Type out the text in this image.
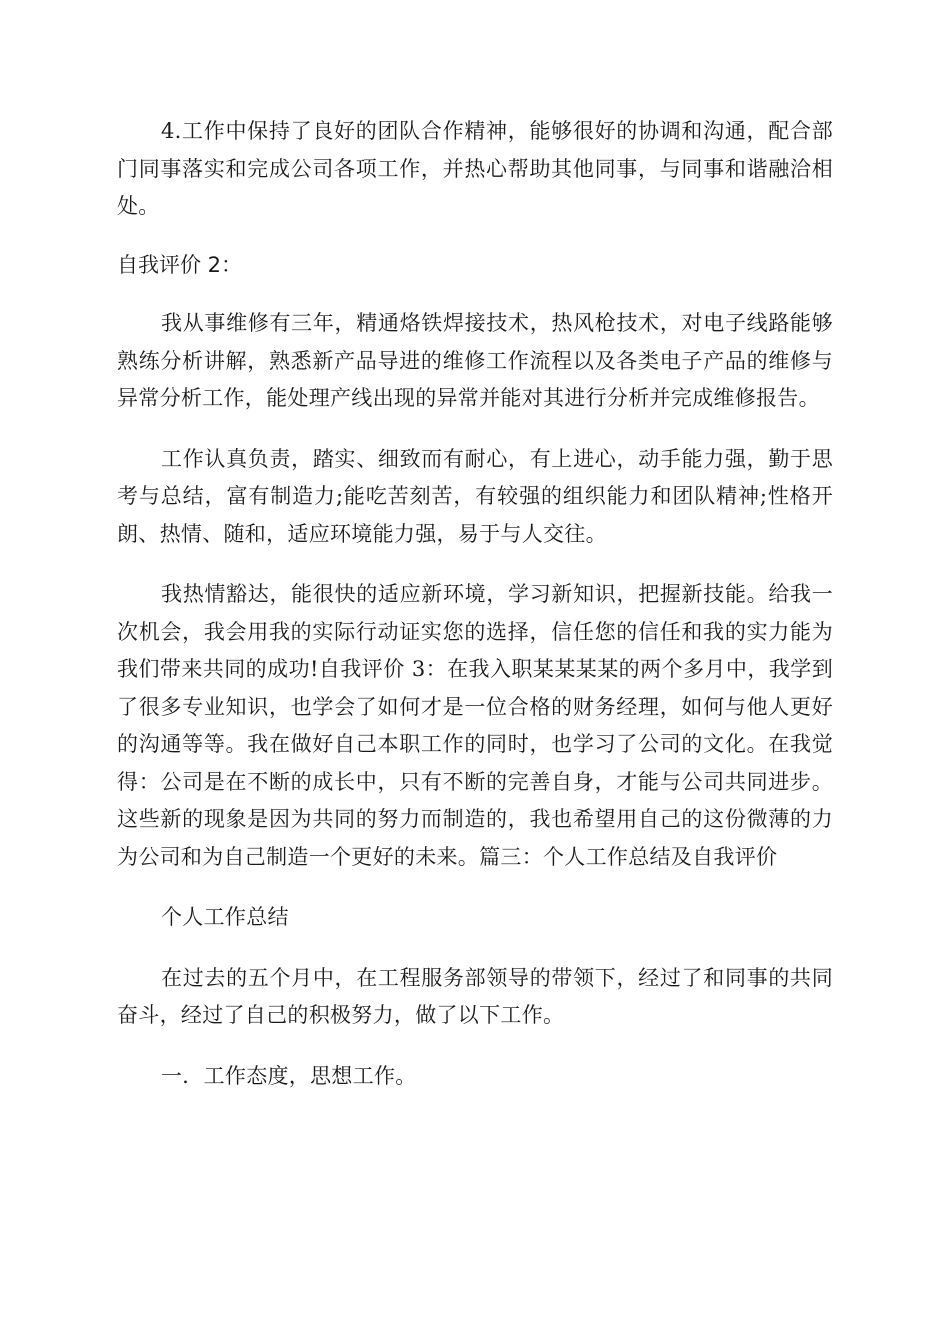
4.工作中保持了良好的团队合作精神，能够很好的协调和沟通，配合部门同事落实和完成公司各项工作，并热心帮助其他同事，与同事和谐融洽相处。

自我评价 2：

我从事维修有三年，精通烙铁焊接技术，热风枪技术，对电子线路能够熟练分析讲解，熟悉新产品导进的维修工作流程以及各类电子产品的维修与异常分析工作，能处理产线出现的异常并能对其进行分析并完成维修报告。

工作认真负责，踏实、细致而有耐心，有上进心，动手能力强，勤于思考与总结，富有制造力;能吃苦刻苦，有较强的组织能力和团队精神;性格开朗、热情、随和，适应环境能力强，易于与人交往。

我热情豁达，能很快的适应新环境，学习新知识，把握新技能。给我一次机会，我会用我的实际行动证实您的选择，信任您的信任和我的实力能为我们带来共同的成功!自我评价 3：在我入职某某某某的两个多月中，我学到了很多专业知识，也学会了如何才是一位合格的财务经理，如何与他人更好的沟通等等。我在做好自己本职工作的同时，也学习了公司的文化。在我觉得：公司是在不断的成长中，只有不断的完善自身，才能与公司共同进步。这些新的现象是因为共同的努力而制造的，我也希望用自己的这份微薄的力为公司和为自己制造一个更好的未来。篇三：个人工作总结及自我评价

个人工作总结

在过去的五个月中，在工程服务部领导的带领下，经过了和同事的共同奋斗，经过了自己的积极努力，做了以下工作。

一．工作态度，思想工作。
